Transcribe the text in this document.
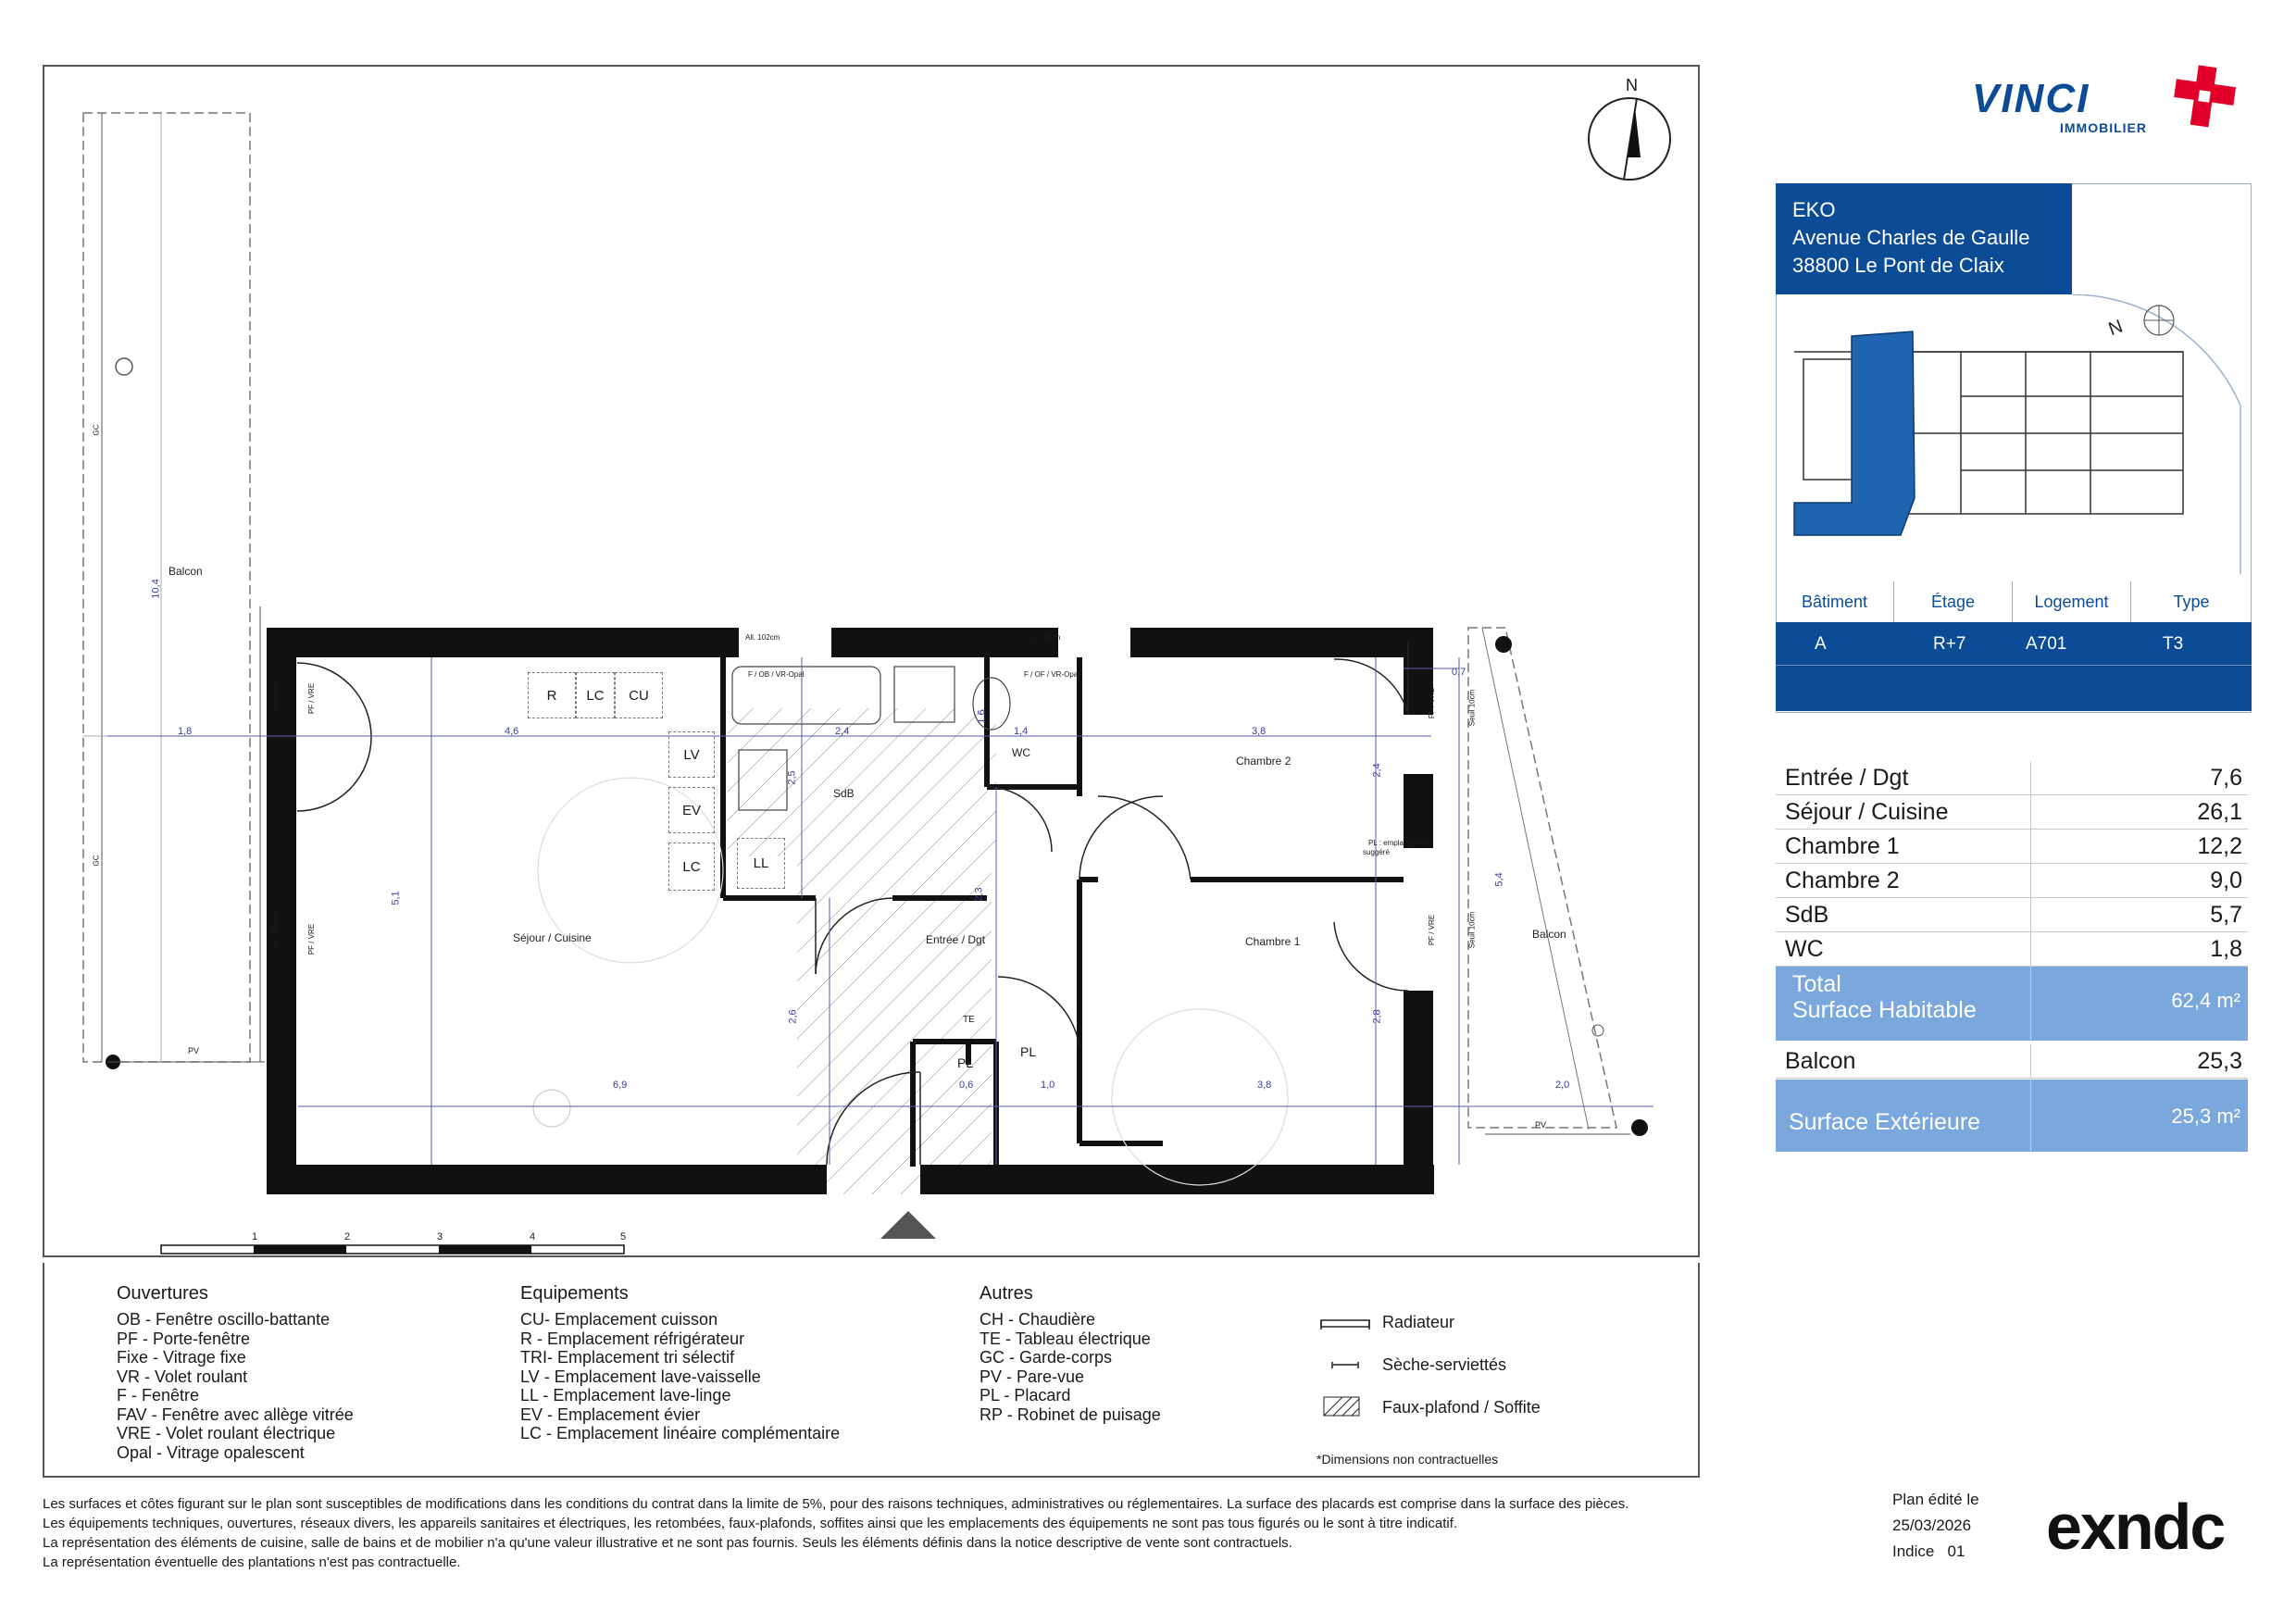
VINCI
IMMOBILIER
N
Séjour / Cuisine
SdB
WC
Chambre 2
Chambre 1
Entrée / Dgt
Balcon
Balcon
R	LC	CU
LV
EV
LC	LL
PL
PL
TE
PV
PV
GC
GC
10,4
1,8	4,6	2,4	1,4	3,8
0,7
5,1
2,5
1,6
2,3
2,4
5,4
2,6	2,8
6,9	0,6	1,0	3,8	2,0
PL : emplacement
suggéré
All. 102cm	All. 102cm
F / OB / VR-Opal	F / OF / VR-Opal
PF / VRE
PF / VRE
PF / VRE
PF / VRE
Seuil 10cm	Seuil 10cm
Seuil 10cm
All. 102cm
1	2	3	4	5
Ouvertures
OB - Fenêtre oscillo-battante
PF - Porte-fenêtre
Fixe - Vitrage fixe
VR - Volet roulant
F - Fenêtre
FAV - Fenêtre avec allège vitrée
VRE - Volet roulant électrique
Opal - Vitrage opalescent
Equipements
CU- Emplacement cuisson
R - Emplacement réfrigérateur
TRI- Emplacement tri sélectif
LV - Emplacement lave-vaisselle
LL - Emplacement lave-linge
EV - Emplacement évier
LC - Emplacement linéaire complémentaire
Autres
CH - Chaudière
TE - Tableau électrique
GC - Garde-corps
PV - Pare-vue
PL - Placard
RP - Robinet de puisage
Radiateur
Sèche-serviettés
Faux-plafond / Soffite
*Dimensions non contractuelles
EKO
Avenue Charles de Gaulle
38800 Le Pont de Claix
N
Bâtiment	Étage	Logement	Type
A	R+7	A701	T3
Entrée / Dgt	7,6
Séjour / Cuisine	26,1
Chambre 1	12,2
Chambre 2	9,0
SdB	5,7
WC	1,8
Total
Surface Habitable	62,4 m²
Balcon	25,3
Surface Extérieure	25,3 m²
Les surfaces et côtes figurant sur le plan sont susceptibles de modifications dans les conditions du contrat dans la limite de 5%, pour des raisons techniques, administratives ou réglementaires. La surface des placards est comprise dans la surface des pièces.
Les équipements techniques, ouvertures, réseaux divers, les appareils sanitaires et électriques, les retombées, faux-plafonds, soffites ainsi que les emplacements des équipements ne sont pas tous figurés ou le sont à titre indicatif.
La représentation des éléments de cuisine, salle de bains et de mobilier n'a qu'une valeur illustrative et ne sont pas fournis. Seuls les éléments définis dans la notice descriptive de vente sont contractuels.
La représentation éventuelle des plantations n'est pas contractuelle.
Plan édité le
25/03/2026
Indice   01 exndc
